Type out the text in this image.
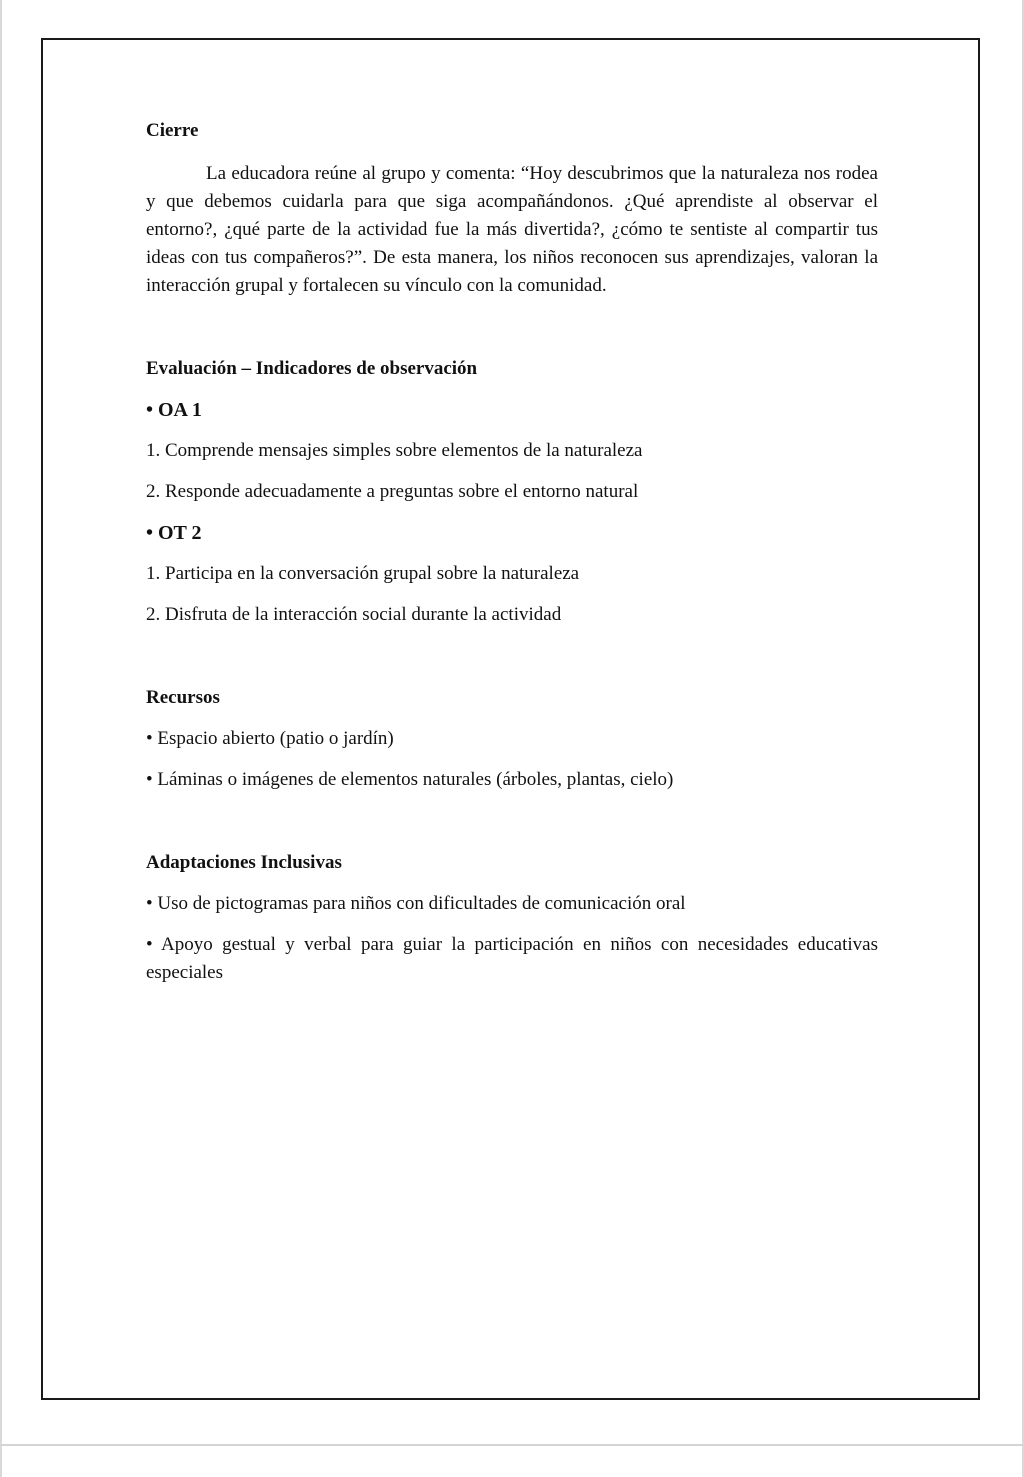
Cierre

La educadora reúne al grupo y comenta: “Hoy descubrimos que la naturaleza nos rodea y que debemos cuidarla para que siga acompañándonos. ¿Qué aprendiste al observar el entorno?, ¿qué parte de la actividad fue la más divertida?, ¿cómo te sentiste al compartir tus ideas con tus compañeros?”. De esta manera, los niños reconocen sus aprendizajes, valoran la interacción grupal y fortalecen su vínculo con la comunidad.

Evaluación – Indicadores de observación

• OA 1

1. Comprende mensajes simples sobre elementos de la naturaleza

2. Responde adecuadamente a preguntas sobre el entorno natural

• OT 2

1. Participa en la conversación grupal sobre la naturaleza

2. Disfruta de la interacción social durante la actividad

Recursos

• Espacio abierto (patio o jardín)

• Láminas o imágenes de elementos naturales (árboles, plantas, cielo)

Adaptaciones Inclusivas

• Uso de pictogramas para niños con dificultades de comunicación oral

• Apoyo gestual y verbal para guiar la participación en niños con necesidades educativas especiales
